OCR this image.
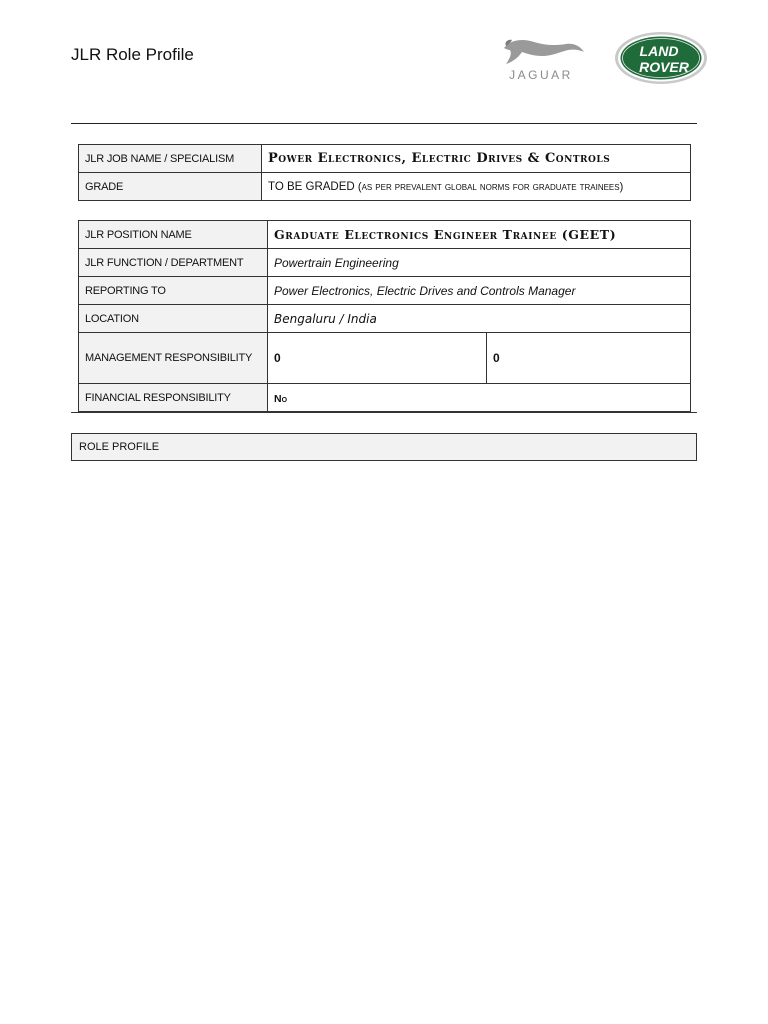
JLR Role Profile
JAGUAR
LAND
ROVER
JLR JOB NAME / SPECIALISM	Power Electronics, Electric Drives & Controls
GRADE	TO BE GRADED (as per prevalent global norms for graduate trainees)
JLR POSITION NAME	Graduate Electronics Engineer Trainee (GEET)	
JLR FUNCTION / DEPARTMENT	Powertrain Engineering	
REPORTING TO	Power Electronics, Electric Drives and Controls Manager	
LOCATION	Bengaluru / India	
MANAGEMENT RESPONSIBILITY	0	0
FINANCIAL RESPONSIBILITY	No	
ROLE PROFILE
